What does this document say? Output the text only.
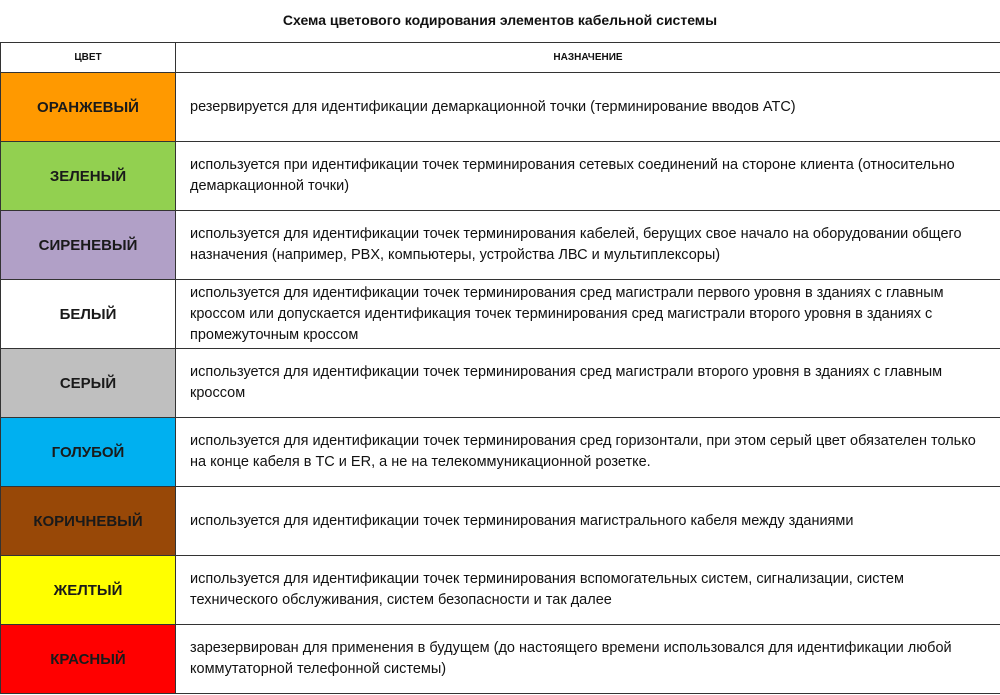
Схема цветового кодирования элементов кабельной системы
ЦВЕТ	НАЗНАЧЕНИЕ
ОРАНЖЕВЫЙ	резервируется для идентификации демаркационной точки (терминирование вводов АТС)
ЗЕЛЕНЫЙ	используется при идентификации точек терминирования сетевых соединений на стороне клиента (относительно демаркационной точки)
СИРЕНЕВЫЙ	используется для идентификации точек терминирования кабелей, берущих свое начало на оборудовании общего назначения (например, PBX, компьютеры, устройства ЛВС и мультиплексоры)
БЕЛЫЙ	используется для идентификации точек терминирования сред магистрали первого уровня в зданиях с главным кроссом или допускается идентификация точек терминирования сред магистрали второго уровня в зданиях с промежуточным кроссом
СЕРЫЙ	используется для идентификации точек терминирования сред магистрали второго уровня в зданиях с главным кроссом
ГОЛУБОЙ	используется для идентификации точек терминирования сред горизонтали, при этом серый цвет обязателен только на конце кабеля в ТС и ER, а не на телекоммуникационной розетке.
КОРИЧНЕВЫЙ	используется для идентификации точек терминирования магистрального кабеля между зданиями
ЖЕЛТЫЙ	используется для идентификации точек терминирования вспомогательных систем, сигнализации, систем технического обслуживания, систем безопасности и так далее
КРАСНЫЙ	зарезервирован для применения в будущем (до настоящего времени использовался для идентификации любой коммутаторной телефонной системы)
